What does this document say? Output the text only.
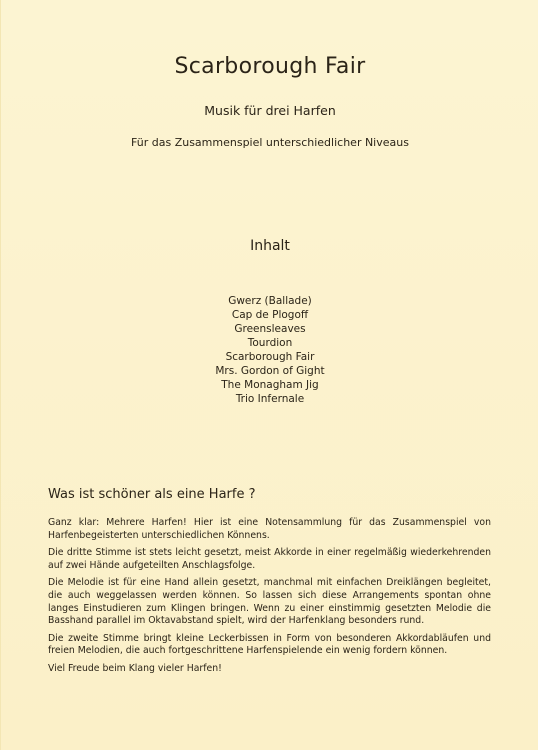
Scarborough Fair
Musik für drei Harfen
Für das Zusammenspiel unterschiedlicher Niveaus
Inhalt
Gwerz (Ballade)
Cap de Plogoff
Greensleaves
Tourdion
Scarborough Fair
Mrs. Gordon of Gight
The Monagham Jig
Trio Infernale
Was ist schöner als eine Harfe ?

Ganz klar: Mehrere Harfen! Hier ist eine Notensammlung für das Zusammenspiel von Harfenbegeisterten unterschiedlichen Könnens.

Die dritte Stimme ist stets leicht gesetzt, meist Akkorde in einer regelmäßig wiederkehrenden auf zwei Hände aufgeteilten Anschlagsfolge.

Die Melodie ist für eine Hand allein gesetzt, manchmal mit einfachen Dreiklängen begleitet, die auch weggelassen werden können. So lassen sich diese Arrangements spontan ohne langes Einstudieren zum Klingen bringen. Wenn zu einer einstimmig gesetzten Melodie die Basshand parallel im Oktavabstand spielt, wird der Harfenklang besonders rund.

Die zweite Stimme bringt kleine Leckerbissen in Form von besonderen Akkordabläufen und freien Melodien, die auch fortgeschrittene Harfenspielende ein wenig fordern können.

Viel Freude beim Klang vieler Harfen!
